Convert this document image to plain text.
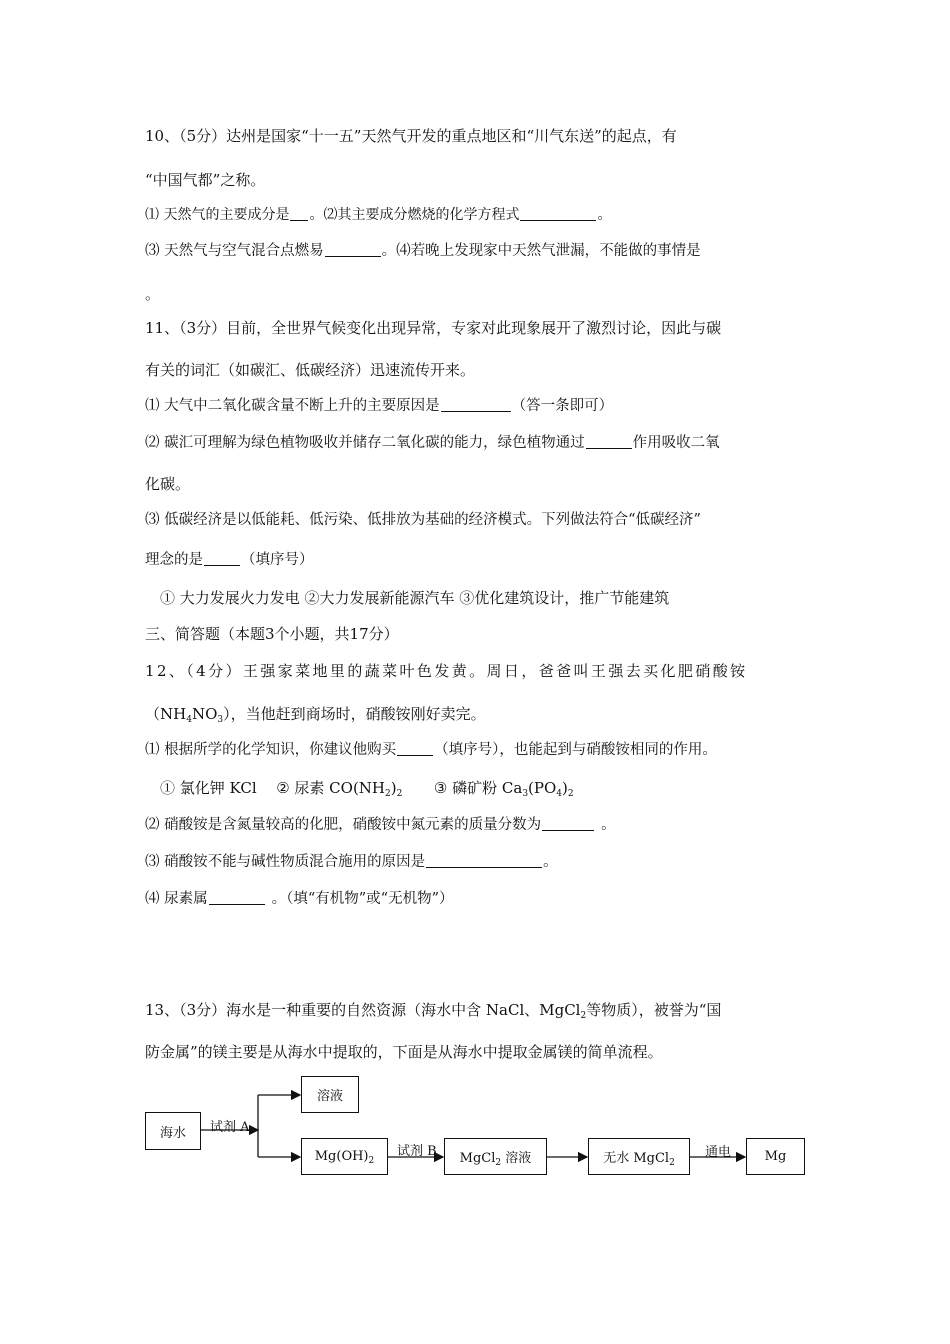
10、（5分）达州是国家“十一五”天然气开发的重点地区和“川气东送”的起点，有
“中国气都”之称。
⑴ 天然气的主要成分是 。⑵其主要成分燃烧的化学方程式	。
⑶ 天然气与空气混合点燃易	。⑷若晚上发现家中天然气泄漏，不能做的事情是
。
11、（3分）目前，全世界气候变化出现异常，专家对此现象展开了激烈讨论，因此与碳
有关的词汇（如碳汇、低碳经济）迅速流传开来。
⑴ 大气中二氧化碳含量不断上升的主要原因是	（答一条即可）
⑵ 碳汇可理解为绿色植物吸收并储存二氧化碳的能力，绿色植物通过	作用吸收二氧
化碳。
⑶ 低碳经济是以低能耗、低污染、低排放为基础的经济模式。下列做法符合“低碳经济”
理念的是	（填序号）
① 大力发展火力发电 ②大力发展新能源汽车 ③优化建筑设计，推广节能建筑
三、简答题（本题3个小题，共17分）
12、（4分）王强家菜地里的蔬菜叶色发黄。周日，爸爸叫王强去买化肥硝酸铵
$(NH_4NO_3)$，当他赶到商场时，硝酸铵刚好卖完。
⑴ 根据所学的化学知识，你建议他购买	（填序号），也能起到与硝酸铵相同的作用。
① 氯化钾 KCl ② 尿素 $CO(NH_2)_2$ ③ 磷矿粉 $Ca_3(PO_4)_2$
⑵ 硝酸铵是含氮量较高的化肥，硝酸铵中氮元素的质量分数为	。
⑶ 硝酸铵不能与碱性物质混合施用的原因是	。
⑷ 尿素属	。（填“有机物”或“无机物”）
13、（3分）海水是一种重要的自然资源（海水中含 NaCl、MgCl$_2$等物质），被誉为“国
防金属”的镁主要是从海水中提取的，下面是从海水中提取金属镁的简单流程。
海水 试剂 A
溶液
$Mg(OH)_2$
试剂 B MgCl$_2$ 溶液	无水 MgCl$_2$
通电	Mg
